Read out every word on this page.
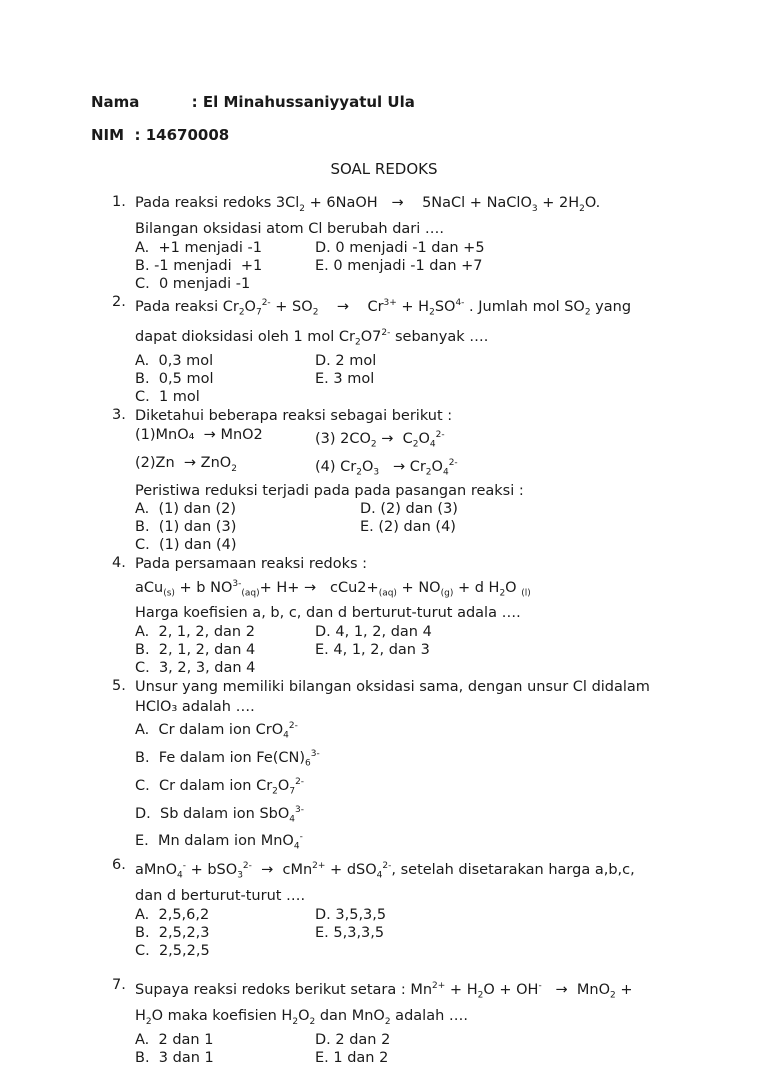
Nama	: El Minahussaniyyatul Ula
NIM : 14670008
SOAL REDOKS
1. Pada reaksi redoks $3Cl_2$ + 6NaOH   →    5NaCl + NaClO$_3$ + $2H_2O$.
Bilangan oksidasi atom Cl berubah dari ….
A.  +1 menjadi -1	D. 0 menjadi -1 dan +5
B. -1 menjadi  +1	E. 0 menjadi -1 dan +7
C.  0 menjadi -1
2. Pada reaksi $Cr_2O_7^{2-} + SO_2$    →    $Cr^{3+} + H_2SO^{4-}$ . Jumlah mol $SO_2$ yang
dapat dioksidasi oleh 1 mol $Cr_2O7^{2-}$ sebanyak ….
A.  0,3 mol	D. 2 mol
B.  0,5 mol	E. 3 mol
C.  1 mol
3. Diketahui beberapa reaksi sebagai berikut :
(1)MnO₄  → MnO2	(3) $2CO_2 \to C_2O_4^{2-}$
(2)Zn  → ZnO$_2$	(4) $Cr_2O_3 \to Cr_2O_4^{2-}$
Peristiwa reduksi terjadi pada pada pasangan reaksi :
A.  (1) dan (2)	D. (2) dan (3)
B.  (1) dan (3)	E. (2) dan (4)
C.  (1) dan (4)
4. Pada persamaan reaksi redoks :
aCu$_{(s)}$ + b $NO^{3-}_{(aq)}+ H+ \to cCu2+_{(aq)} + NO_{(g)} + d$ $H_2O$ $_{(l)}$
Harga koefisien a, b, c, dan d berturut-turut adala ….
A.  2, 1, 2, dan 2	D. 4, 1, 2, dan 4
B.  2, 1, 2, dan 4	E. 4, 1, 2, dan 3
C.  3, 2, 3, dan 4
5. Unsur yang memiliki bilangan oksidasi sama, dengan unsur Cl didalam
HClO₃ adalah ….
A.  Cr dalam ion CrO$_4^{2-}$
B.  Fe dalam ion $Fe(CN)_6^{3-}$
C.  Cr dalam ion $Cr_2O_7^{2-}$
D.  Sb dalam ion SbO$_4^{3-}$
E.  Mn dalam ion MnO$_4$-
6. aMnO$_4$- + bSO$_3^{2-}$  →  cMn$^{2+}$ + dSO$_4^{2-}$, setelah disetarakan harga a,b,c,
dan d berturut-turut ….
A.  2,5,6,2	D. 3,5,3,5
B.  2,5,2,3	E. 5,3,3,5
C.  2,5,2,5
7. Supaya reaksi redoks berikut setara : $Mn^{2+} + H_2O + OH^- \to MnO_2$ +
$H_2O$ maka koefisien $H_2O_2$ dan MnO$_2$ adalah ….
A.  2 dan 1	D. 2 dan 2
B.  3 dan 1	E. 1 dan 2
